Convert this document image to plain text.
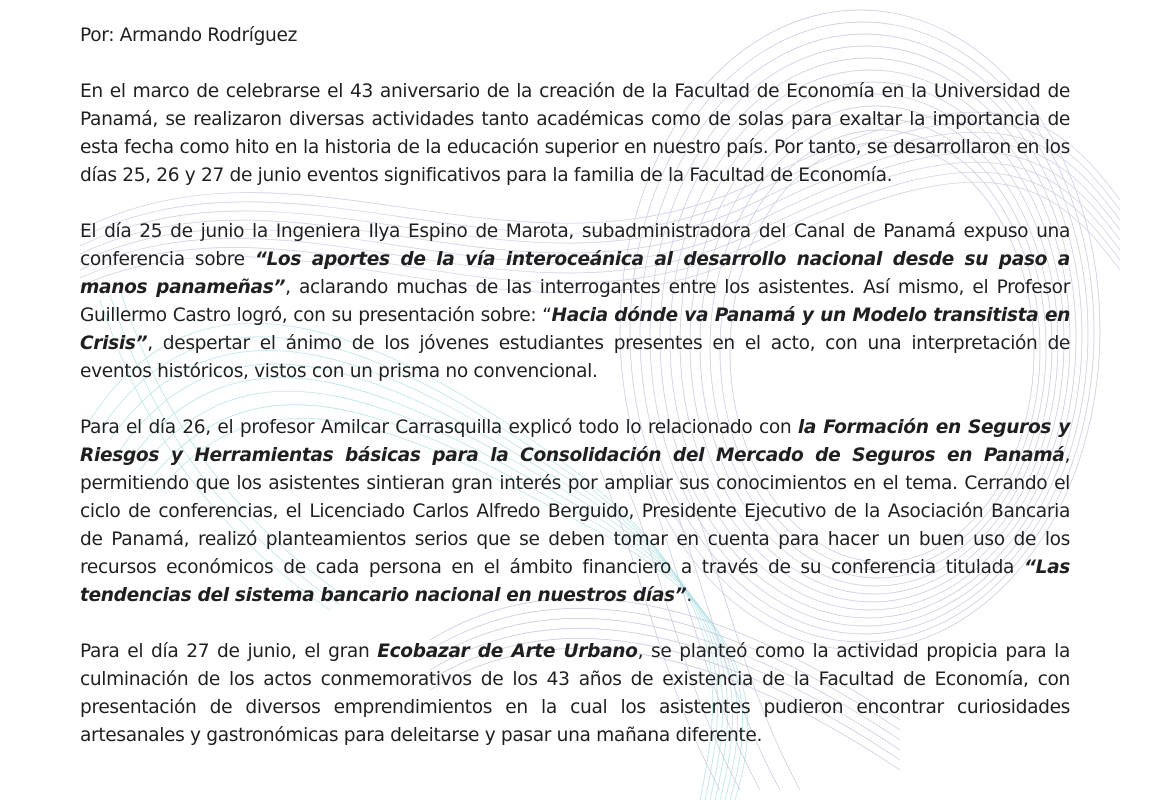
Por: Armando Rodríguez

En el marco de celebrarse el 43 aniversario de la creación de la Facultad de Economía en la Universidad de Panamá, se realizaron diversas actividades tanto académicas como de solas para exaltar la importancia de esta fecha como hito en la historia de la educación superior en nuestro país. Por tanto, se desarrollaron en los días 25, 26 y 27 de junio eventos significativos para la familia de la Facultad de Economía.

El día 25 de junio la Ingeniera Ilya Espino de Marota, subadministradora del Canal de Panamá expuso una conferencia sobre “Los aportes de la vía interoceánica al desarrollo nacional desde su paso a manos panameñas”, aclarando muchas de las interrogantes entre los asistentes. Así mismo, el Profesor Guillermo Castro logró, con su presentación sobre: “Hacia dónde va Panamá y un Modelo transitista en Crisis”, despertar el ánimo de los jóvenes estudiantes presentes en el acto, con una interpretación de eventos históricos, vistos con un prisma no convencional.

Para el día 26, el profesor Amilcar Carrasquilla explicó todo lo relacionado con la Formación en Seguros y Riesgos y Herramientas básicas para la Consolidación del Mercado de Seguros en Panamá, permitiendo que los asistentes sintieran gran interés por ampliar sus conocimientos en el tema. Cerrando el ciclo de conferencias, el Licenciado Carlos Alfredo Berguido, Presidente Ejecutivo de la Asociación Bancaria de Panamá, realizó planteamientos serios que se deben tomar en cuenta para hacer un buen uso de los recursos económicos de cada persona en el ámbito financiero a través de su conferencia titulada “Las tendencias del sistema bancario nacional en nuestros días”.

Para el día 27 de junio, el gran Ecobazar de Arte Urbano, se planteó como la actividad propicia para la culminación de los actos conmemorativos de los 43 años de existencia de la Facultad de Economía, con presentación de diversos emprendimientos en la cual los asistentes pudieron encontrar curiosidades artesanales y gastronómicas para deleitarse y pasar una mañana diferente.
